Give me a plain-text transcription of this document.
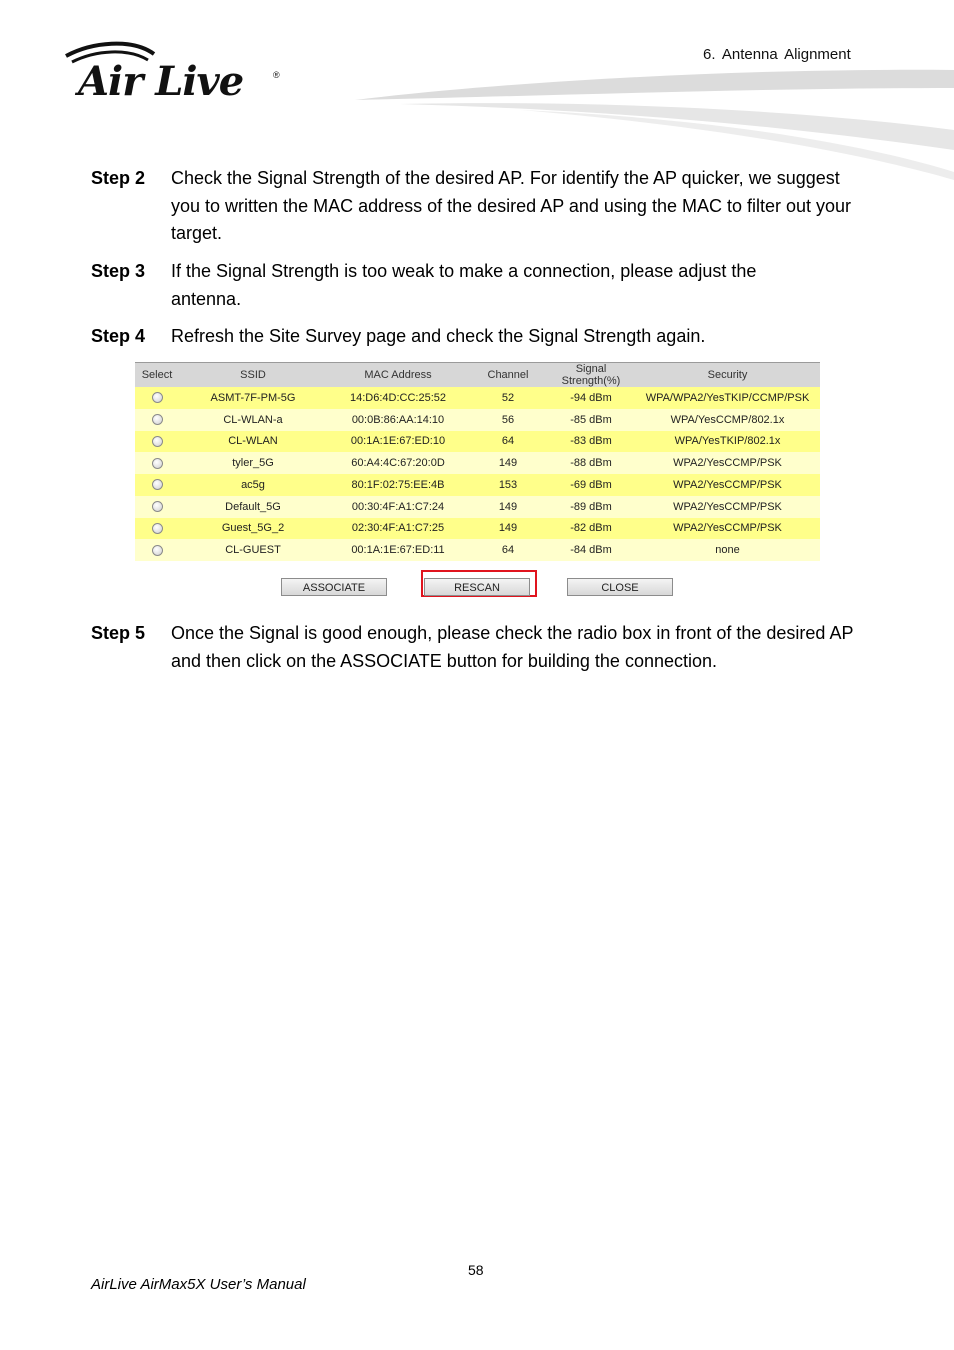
Air Live	®
6. Antenna Alignment
Step 2	Check the Signal Strength of the desired AP. For identify the AP quicker, we suggest you to written the MAC address of the desired AP and using the MAC to filter out your target.
Step 3	If the Signal Strength is too weak to make a connection, please adjust the antenna.
Step 4	Refresh the Site Survey page and check the Signal Strength again.
Select	SSID	MAC Address	Channel	Signal Strength(%)	Security
	ASMT-7F-PM-5G	14:D6:4D:CC:25:52	52	-94 dBm	WPA/WPA2/YesTKIP/CCMP/PSK
	CL-WLAN-a	00:0B:86:AA:14:10	56	-85 dBm	WPA/YesCCMP/802.1x
	CL-WLAN	00:1A:1E:67:ED:10	64	-83 dBm	WPA/YesTKIP/802.1x
	tyler_5G	60:A4:4C:67:20:0D	149	-88 dBm	WPA2/YesCCMP/PSK
	ac5g	80:1F:02:75:EE:4B	153	-69 dBm	WPA2/YesCCMP/PSK
	Default_5G	00:30:4F:A1:C7:24	149	-89 dBm	WPA2/YesCCMP/PSK
	Guest_5G_2	02:30:4F:A1:C7:25	149	-82 dBm	WPA2/YesCCMP/PSK
	CL-GUEST	00:1A:1E:67:ED:11	64	-84 dBm	none
ASSOCIATE	RESCAN	CLOSE
Step 5	Once the Signal is good enough, please check the radio box in front of the desired AP and then click on the ASSOCIATE button for building the connection.
58
AirLive AirMax5X User’s Manual
